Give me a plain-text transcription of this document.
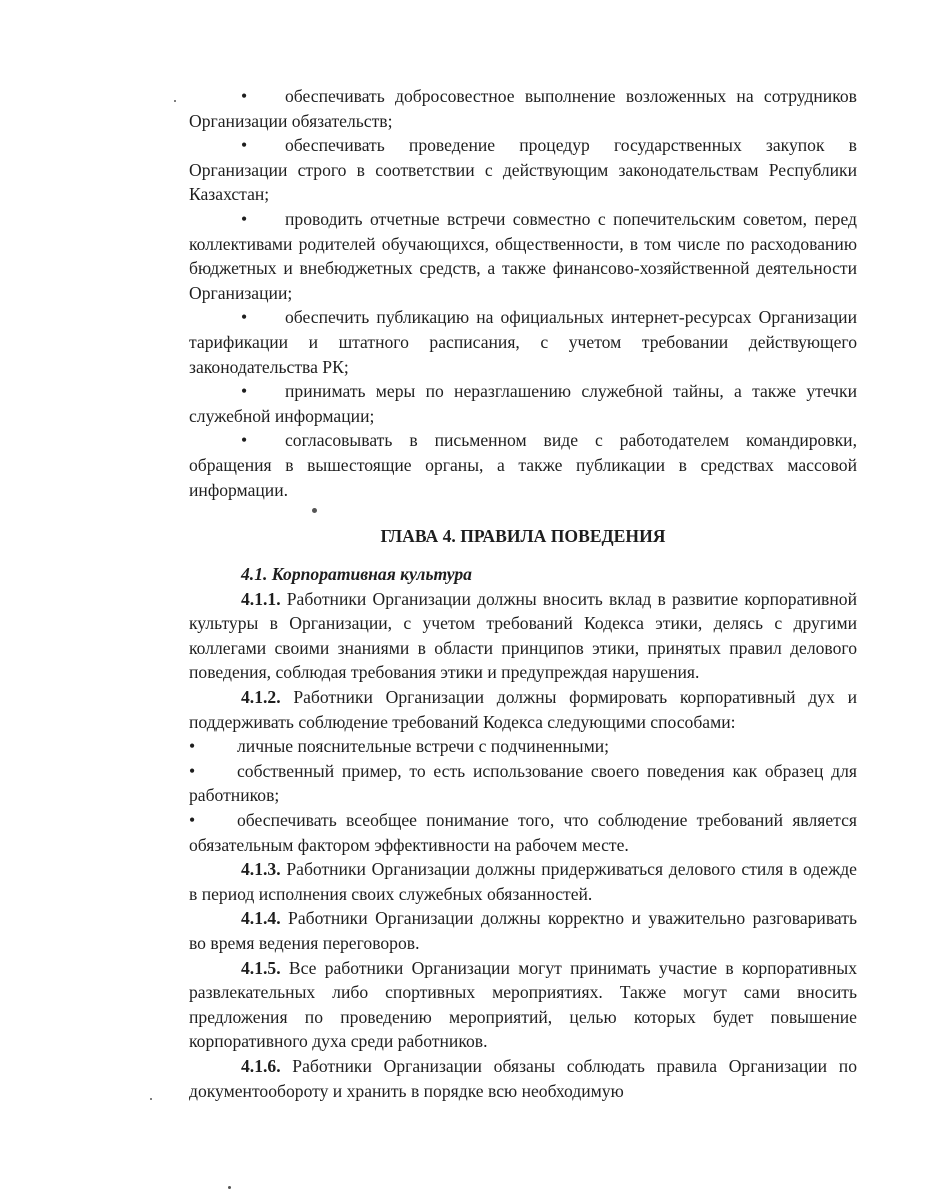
• обеспечивать добросовестное выполнение возложенных на сотрудников Организации обязательств;

• обеспечивать проведение процедур государственных закупок в Организации строго в соответствии с действующим законодательствам Республики Казахстан;

• проводить отчетные встречи совместно с попечительским советом, перед коллективами родителей обучающихся, общественности, в том числе по расходованию бюджетных и внебюджетных средств, а также финансово-хозяйственной деятельности Организации;

• обеспечить публикацию на официальных интернет-ресурсах Организации тарификации и штатного расписания, с учетом требовании действующего законодательства РК;

• принимать меры по неразглашению служебной тайны, а также утечки служебной информации;

• согласовывать в письменном виде с работодателем командировки, обращения в вышестоящие органы, а также публикации в средствах массовой информации.

ГЛАВА 4. ПРАВИЛА ПОВЕДЕНИЯ

4.1. Корпоративная культура

4.1.1. Работники Организации должны вносить вклад в развитие корпоративной культуры в Организации, с учетом требований Кодекса этики, делясь с другими коллегами своими знаниями в области принципов этики, принятых правил делового поведения, соблюдая требования этики и предупреждая нарушения.

4.1.2. Работники Организации должны формировать корпоративный дух и поддерживать соблюдение требований Кодекса следующими способами:

• личные пояснительные встречи с подчиненными;

• собственный пример, то есть использование своего поведения как образец для работников;

• обеспечивать всеобщее понимание того, что соблюдение требований является обязательным фактором эффективности на рабочем месте.

4.1.3. Работники Организации должны придерживаться делового стиля в одежде в период исполнения своих служебных обязанностей.

4.1.4. Работники Организации должны корректно и уважительно разговаривать во время ведения переговоров.

4.1.5. Все работники Организации могут принимать участие в корпоративных развлекательных либо спортивных мероприятиях. Также могут сами вносить предложения по проведению мероприятий, целью которых будет повышение корпоративного духа среди работников.

4.1.6. Работники Организации обязаны соблюдать правила Организации по документообороту и хранить в порядке всю необходимую
